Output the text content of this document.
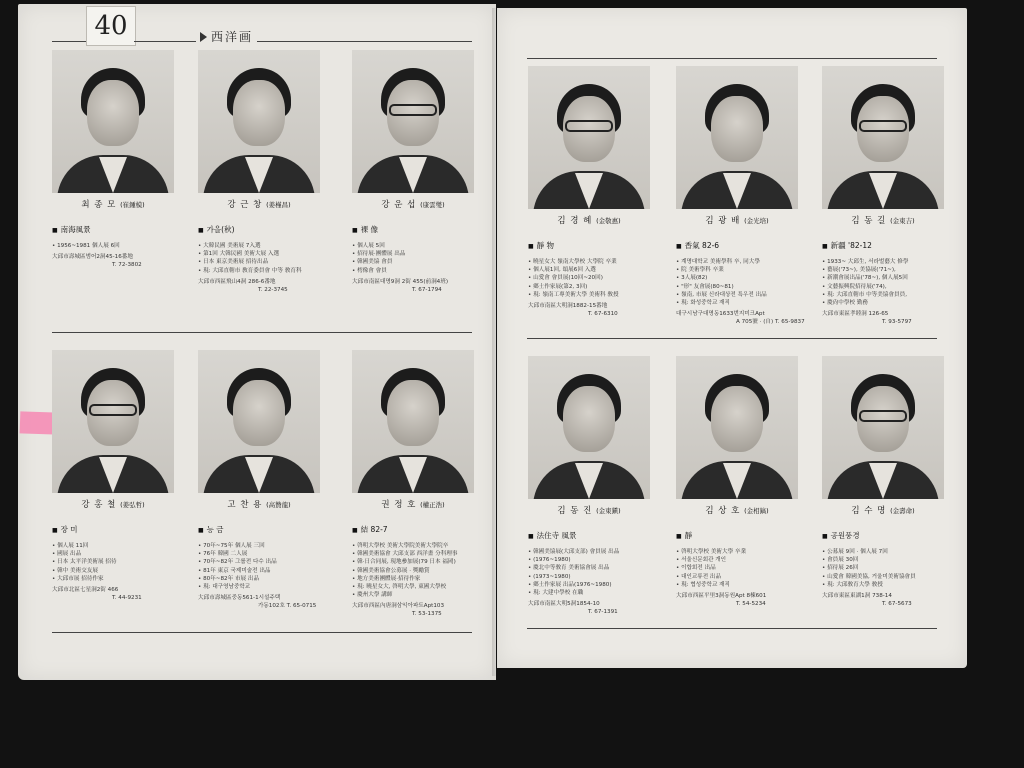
40	西洋画
최 종 모 (崔鍾模)
■ 南海風景
• 1956~1981 個人展 6回
大邱市壽城區범어2洞45-16番地
T. 72-3802
강 근 창 (姜槿昌)
■ 가을(秋)
• 大韓民國 美術展 7入選
• 第1回 大韓民國 美術大展 入選
• 日本 東京美術展 招待出品
• 現: 大邱直轄市 敎育委員會 中等 敎育科
大邱市西區飛山4洞 286-6番地
T. 22-3745
강 운 섭 (康雲燮)
■ 裸 像
• 個人展 5回
• 招待展·團體展 出品
• 韓國美協 會員
• 樗像會 會員
大邱市南區대명9洞 2街 455(前洞4班)
T. 67-1794
김 경 혜 (金敬惠)
■ 靜 物
• 曉星女大 嶺南大學校 大學院 卒業
• 個人展1回, 頌展6回 入選
• 山愛會 會員展(10回~20回)
• 鄕土作家展(第2, 3回)
• 現: 嶺南工專美術大學 美術科 敎授
大邱市南區大明洞1882-15番地
T. 67-6310
김 광 배 (金光培)
■ 香氣 82-6
• 계명대학교 美術學科 卒, 同大學
• 院 美術學科 卒業
• 3人展(82)
• "形" 友會展(80~81)
• 嶺南, 市展 신라대상전 특우전 出品
• 現: 화성중학교 재직
대구시남구대명동1633번지미크Apt
A 705號 · (自) T. 65-9837
김 동 길 (金東吉)
■ 新疆 '82-12
• 1933~ 大邱生, 서라벌藝大 修學
• 藝展('73~), 美協展('71~),
• 新潮會展出品('78~), 個人展5回
• 文藝振興院招待展('74),
• 現: 大邱直轄市 中等美協會員員,
• 慶尙中學校 勤務
大邱市東區孝睦洞 126-65
T. 93-5797
강 홍 철 (姜弘哲)
■ 장 미
• 個人展 11回
• 國展 出品
• 日本 太平洋美術展 招待
• 韓中 美術交友展
• 大邱市展 招待作家
大邱市北區七星洞2街 466
T. 44-9231
고 찬 용 (高贊龍)
■ 능 금
• 70年~75年 個人展 三回
• 76年 韓國 二人展
• 70年~82年 그룹전 다수 出品
• 81年 東京 국제미술전 出品
• 80年~82年 市展 出品
• 現: 대구영남중학교
大邱市壽城區중동561-1시설주택
가동102호 T. 65-0715
권 정 호 (權正浩)
■ 結 82-7
• 啓明大學校 美術大學院美術大學院卒
• 韓國美術協會 大邱支部 西洋畫 分科理事
• 韓·日合同展, 現地參加展(79 日本 福岡)
• 韓國美術協會公募展 · 獎勵賞
• 地方美術團體展·招待作家
• 現: 曉星女大, 啓明大學, 東國大學校
• 慶州大學 講師
大邱市西區內唐洞삼익아파트Apt103
T. 53-1375
김 동 진 (金東鎭)
■ 法住寺 風景
• 韓國美協展(大邱支部) 會員展 出品
• (1976~1980)
• 慶北中等敎育 美術協會展 出品
• (1973~1980)
• 鄕土作家展 出品(1976~1980)
• 現: 大建中學校 在職
大邱市南區大明5洞1854-10
T. 67-1391
김 상 호 (金相鎬)
■ 靜
• 啓明大學校 美術大學 卒業
• 서울신문회관 개인
• 이합회전 出品
• 대인교류전 出品
• 現: 협성중학교 재직
大邱市西區平里3洞동원Apt 8棟601
T. 54-5234
김 수 명 (金壽命)
■ 공원풍경
• 公募展 9回 · 個人展 7回
• 會員展 30回
• 招待展 26回
• 山愛會 韓國美協, 거울미美術協會員
• 現: 大邱敎育大學 敎授
大邱市東區東湖1洞 738-14
T. 67-5673
